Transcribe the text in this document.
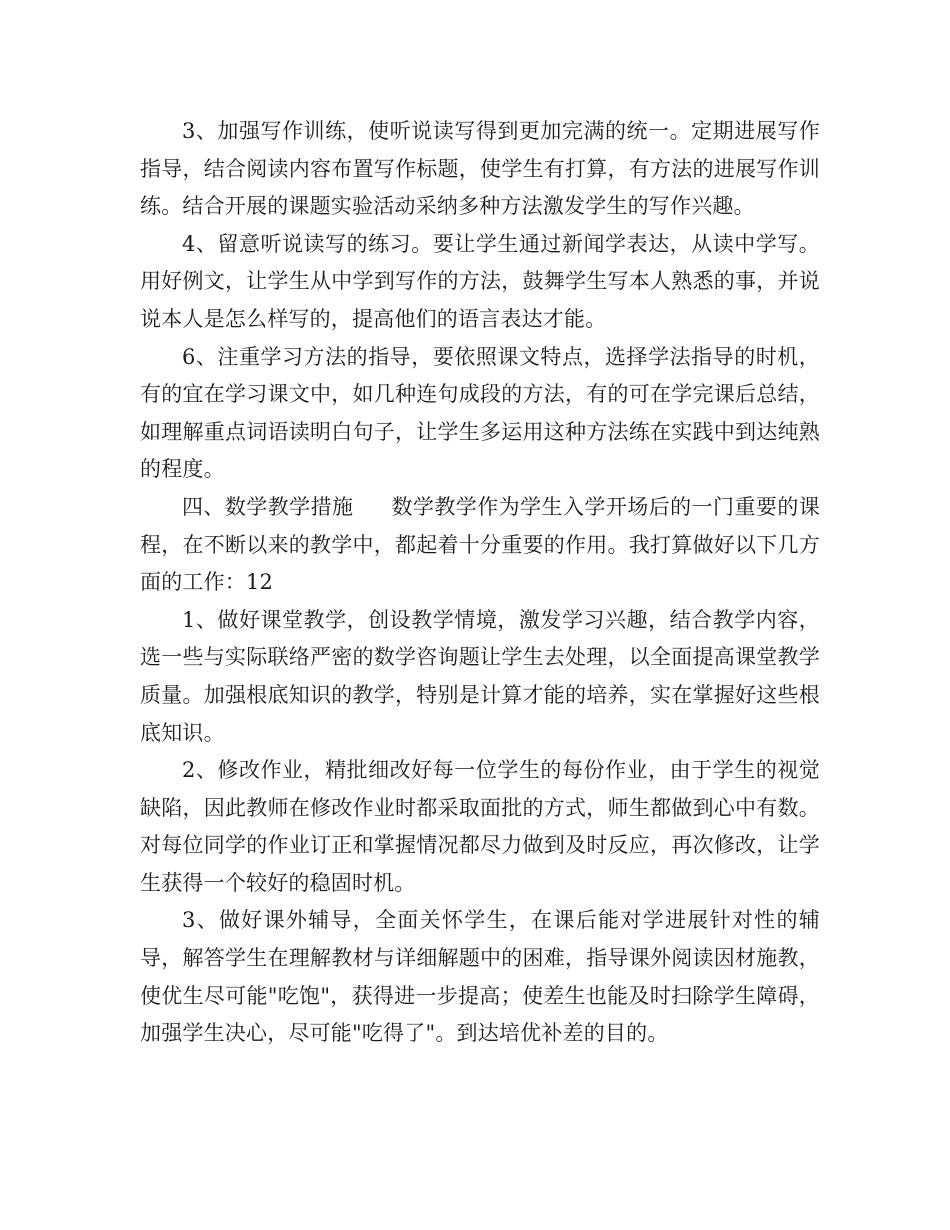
3、加强写作训练，使听说读写得到更加完满的统一。定期进展写作指导，结合阅读内容布置写作标题，使学生有打算，有方法的进展写作训练。结合开展的课题实验活动采纳多种方法激发学生的写作兴趣。

4、留意听说读写的练习。要让学生通过新闻学表达，从读中学写。用好例文，让学生从中学到写作的方法，鼓舞学生写本人熟悉的事，并说说本人是怎么样写的，提高他们的语言表达才能。

6、注重学习方法的指导，要依照课文特点，选择学法指导的时机，有的宜在学习课文中，如几种连句成段的方法，有的可在学完课后总结，如理解重点词语读明白句子，让学生多运用这种方法练在实践中到达纯熟的程度。

四、数学教学措施 数学教学作为学生入学开场后的一门重要的课程，在不断以来的教学中，都起着十分重要的作用。我打算做好以下几方面的工作：12

1、做好课堂教学，创设教学情境，激发学习兴趣，结合教学内容，选一些与实际联络严密的数学咨询题让学生去处理，以全面提高课堂教学质量。加强根底知识的教学，特别是计算才能的培养，实在掌握好这些根底知识。

2、修改作业，精批细改好每一位学生的每份作业，由于学生的视觉缺陷，因此教师在修改作业时都采取面批的方式，师生都做到心中有数。对每位同学的作业订正和掌握情况都尽力做到及时反应，再次修改，让学生获得一个较好的稳固时机。

3、做好课外辅导，全面关怀学生，在课后能对学进展针对性的辅导，解答学生在理解教材与详细解题中的困难，指导课外阅读因材施教，使优生尽可能"吃饱"，获得进一步提高；使差生也能及时扫除学生障碍，加强学生决心，尽可能"吃得了"。到达培优补差的目的。
